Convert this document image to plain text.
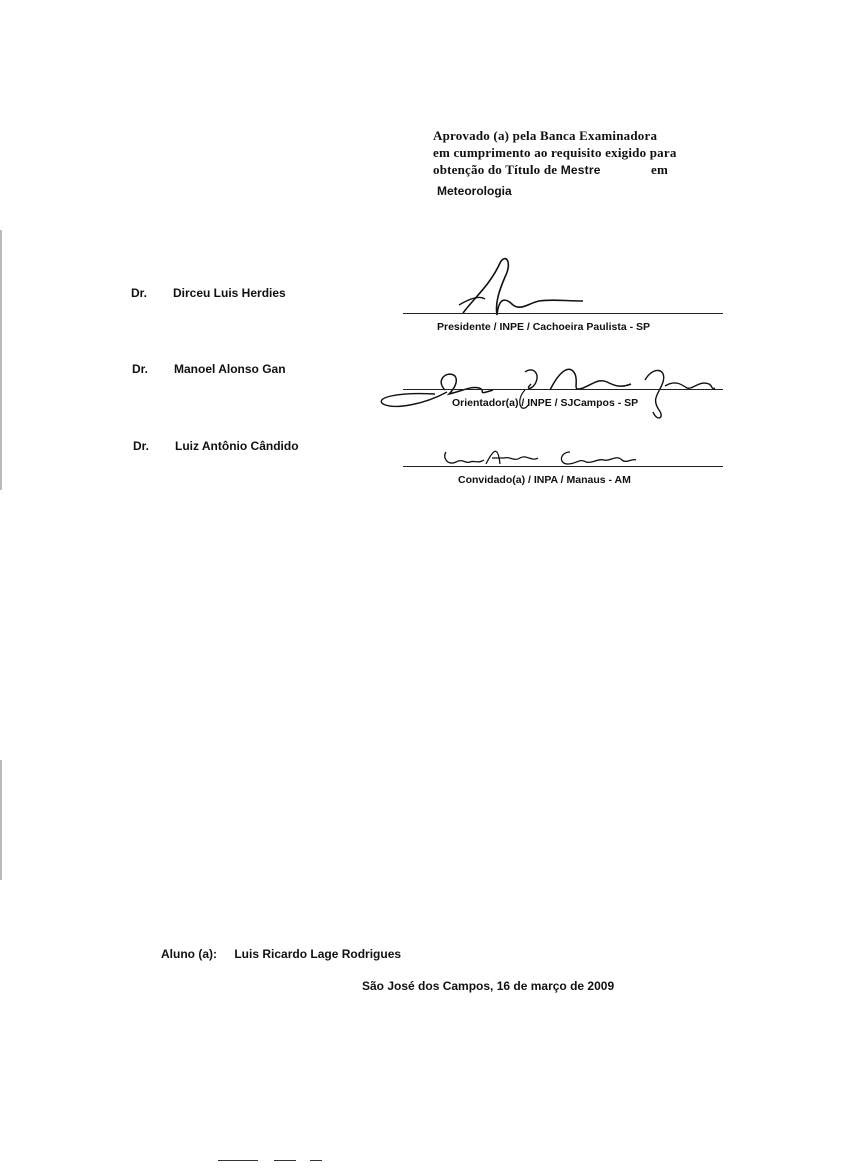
Aprovado (a) pela Banca Examinadora
em cumprimento ao requisito exigido para
obtenção do Título de Mestre	em
Meteorologia
Dr. Dirceu Luis Herdies
Presidente / INPE / Cachoeira Paulista - SP
Dr. Manoel Alonso Gan
Orientador(a) / INPE / SJCampos - SP
Dr. Luiz Antônio Cândido
Convidado(a) / INPA / Manaus - AM
Aluno (a): Luis Ricardo Lage Rodrigues
São José dos Campos, 16 de março de 2009
